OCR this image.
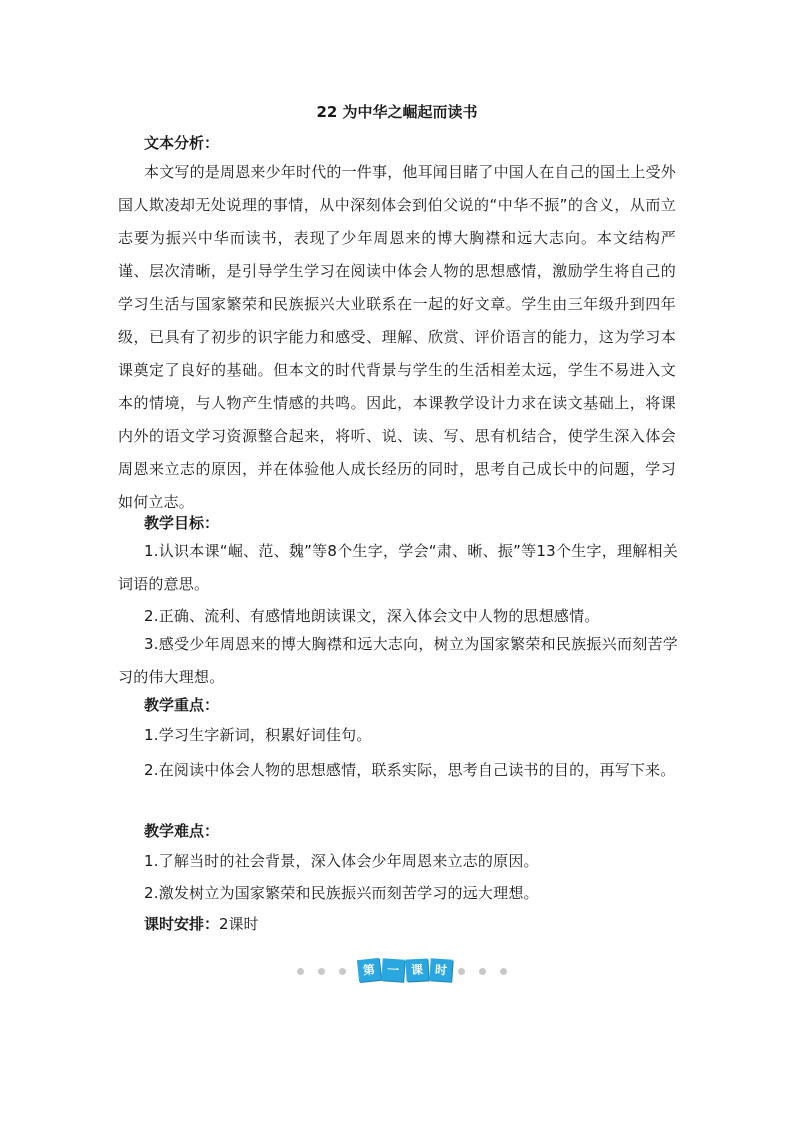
22 为中华之崛起而读书
文本分析：
本文写的是周恩来少年时代的一件事，他耳闻目睹了中国人在自己的国土上受外国人欺凌却无处说理的事情，从中深刻体会到伯父说的“中华不振”的含义，从而立志要为振兴中华而读书，表现了少年周恩来的博大胸襟和远大志向。本文结构严谨、层次清晰，是引导学生学习在阅读中体会人物的思想感情，激励学生将自己的学习生活与国家繁荣和民族振兴大业联系在一起的好文章。学生由三年级升到四年级，已具有了初步的识字能力和感受、理解、欣赏、评价语言的能力，这为学习本课奠定了良好的基础。但本文的时代背景与学生的生活相差太远，学生不易进入文本的情境，与人物产生情感的共鸣。因此，本课教学设计力求在读文基础上，将课内外的语文学习资源整合起来，将听、说、读、写、思有机结合，使学生深入体会周恩来立志的原因，并在体验他人成长经历的同时，思考自己成长中的问题，学习如何立志。
教学目标：
1.认识本课“崛、范、魏”等8个生字，学会“肃、晰、振”等13个生字，理解相关词语的意思。
2.正确、流利、有感情地朗读课文，深入体会文中人物的思想感情。
3.感受少年周恩来的博大胸襟和远大志向，树立为国家繁荣和民族振兴而刻苦学习的伟大理想。
教学重点：
1.学习生字新词，积累好词佳句。
2.在阅读中体会人物的思想感情，联系实际，思考自己读书的目的，再写下来。
教学难点：
1.了解当时的社会背景，深入体会少年周恩来立志的原因。
2.激发树立为国家繁荣和民族振兴而刻苦学习的远大理想。
课时安排：2课时
第 一 课 时
